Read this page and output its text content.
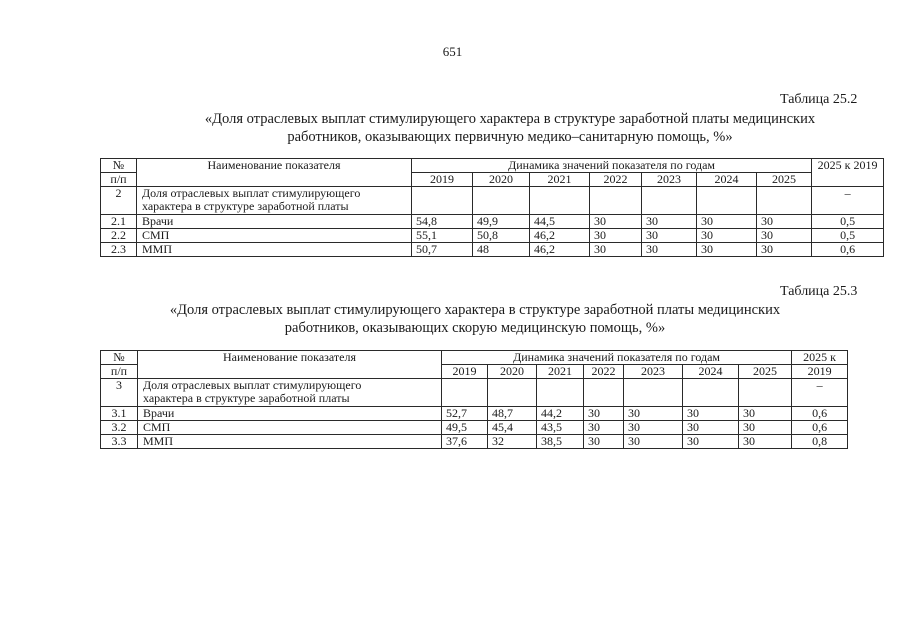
651
Таблица 25.2
«Доля отраслевых выплат стимулирующего характера в структуре заработной платы медицинских
работников, оказывающих первичную медико–санитарную помощь, %»
№	Наименование показателя	Динамика значений показателя по годам							2025 к 2019
п/п		2019	2020	2021	2022	2023	2024	2025	
2	Доля отраслевых выплат стимулирующего
характера в структуре заработной платы								–
2.1	Врачи	54,8	49,9	44,5	30	30	30	30	0,5
2.2	СМП	55,1	50,8	46,2	30	30	30	30	0,5
2.3	ММП	50,7	48	46,2	30	30	30	30	0,6
Таблица 25.3
«Доля отраслевых выплат стимулирующего характера в структуре заработной платы медицинских
работников, оказывающих скорую медицинскую помощь, %»
№	Наименование показателя	Динамика значений показателя по годам							2025 к
п/п		2019	2020	2021	2022	2023	2024	2025	2019
3	Доля отраслевых выплат стимулирующего
характера в структуре заработной платы								–
3.1	Врачи	52,7	48,7	44,2	30	30	30	30	0,6
3.2	СМП	49,5	45,4	43,5	30	30	30	30	0,6
3.3	ММП	37,6	32	38,5	30	30	30	30	0,8
